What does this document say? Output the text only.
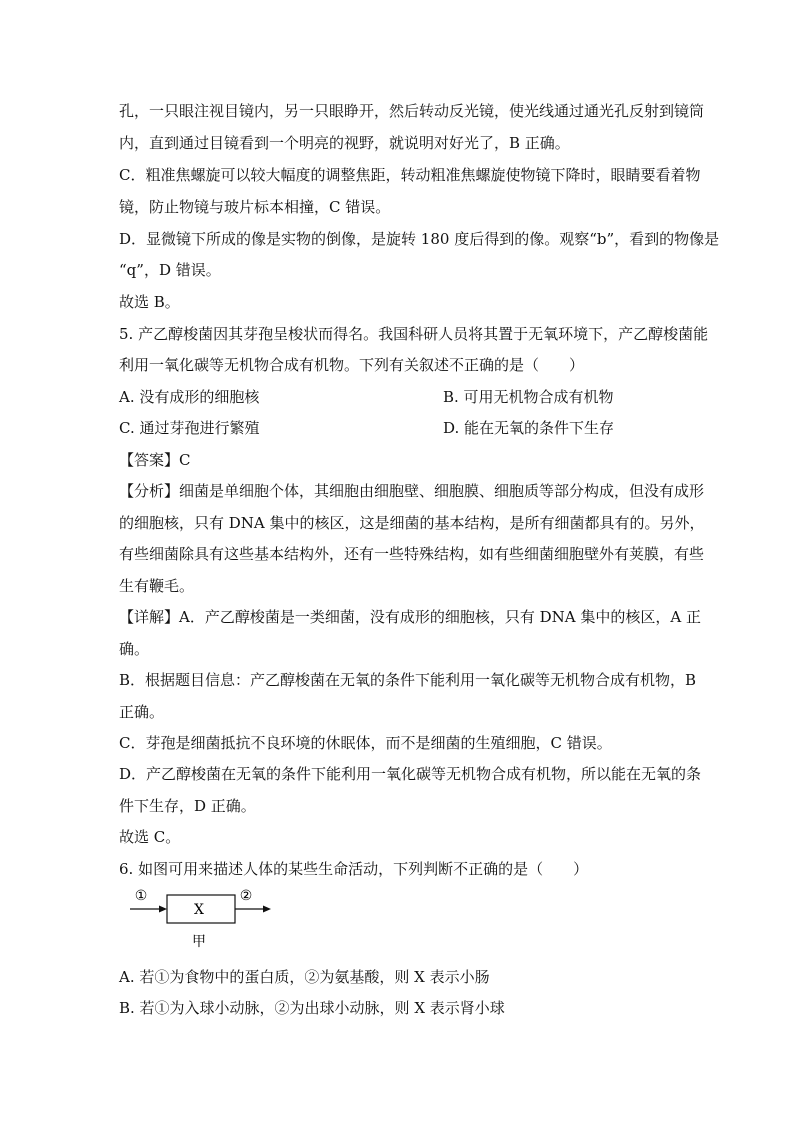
孔，一只眼注视目镜内，另一只眼睁开，然后转动反光镜，使光线通过通光孔反射到镜筒
内，直到通过目镜看到一个明亮的视野，就说明对好光了，B 正确。
C．粗准焦螺旋可以较大幅度的调整焦距，转动粗准焦螺旋使物镜下降时，眼睛要看着物
镜，防止物镜与玻片标本相撞，C 错误。
D．显微镜下所成的像是实物的倒像，是旋转 180 度后得到的像。观察“b”，看到的物像是
“q”，D 错误。
故选 B。
5. 产乙醇梭菌因其芽孢呈梭状而得名。我国科研人员将其置于无氧环境下，产乙醇梭菌能
利用一氧化碳等无机物合成有机物。下列有关叙述不正确的是（　　）
A. 没有成形的细胞核	B. 可用无机物合成有机物
C. 通过芽孢进行繁殖	D. 能在无氧的条件下生存
【答案】C
【分析】细菌是单细胞个体，其细胞由细胞壁、细胞膜、细胞质等部分构成，但没有成形
的细胞核，只有 DNA 集中的核区，这是细菌的基本结构，是所有细菌都具有的。另外，
有些细菌除具有这些基本结构外，还有一些特殊结构，如有些细菌细胞壁外有荚膜，有些
生有鞭毛。
【详解】A．产乙醇梭菌是一类细菌，没有成形的细胞核，只有 DNA 集中的核区，A 正
确。
B．根据题目信息：产乙醇梭菌在无氧的条件下能利用一氧化碳等无机物合成有机物，B
正确。
C．芽孢是细菌抵抗不良环境的休眠体，而不是细菌的生殖细胞，C 错误。
D．产乙醇梭菌在无氧的条件下能利用一氧化碳等无机物合成有机物，所以能在无氧的条
件下生存，D 正确。
故选 C。
6. 如图可用来描述人体的某些生命活动，下列判断不正确的是（　　）
①	②
X
甲
A. 若①为食物中的蛋白质，②为氨基酸，则 X 表示小肠
B. 若①为入球小动脉，②为出球小动脉，则 X 表示肾小球
